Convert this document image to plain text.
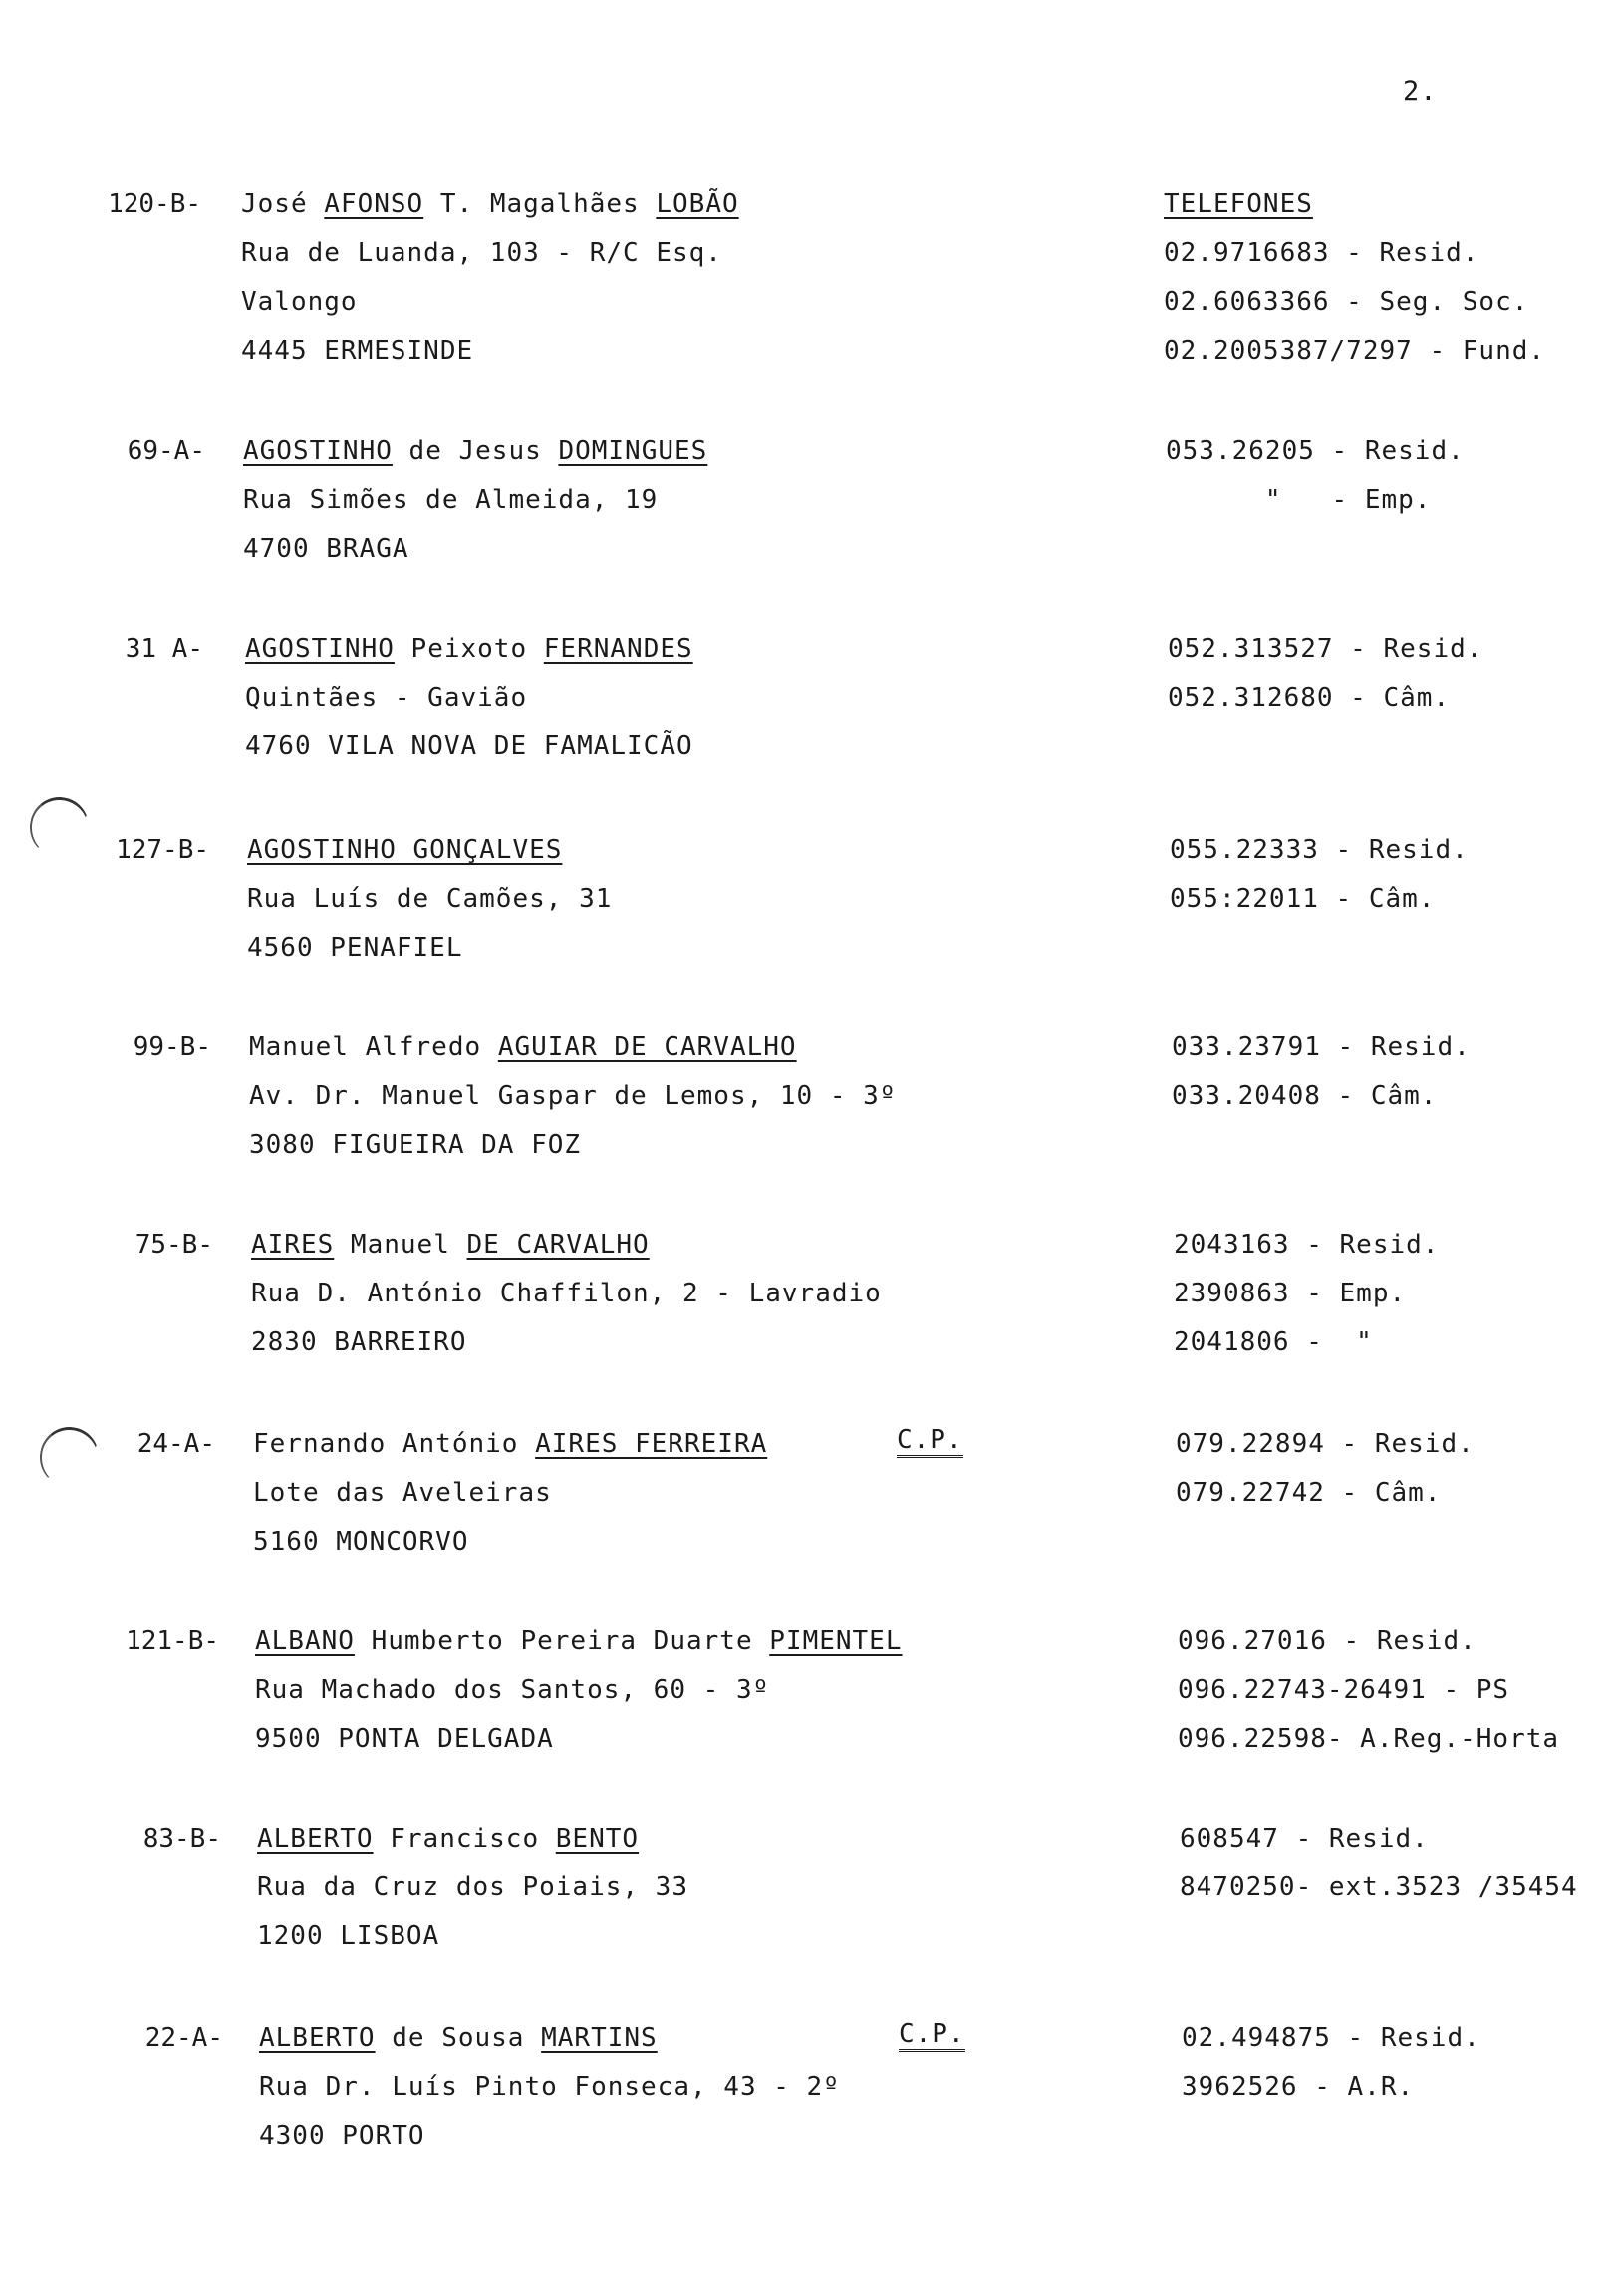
2.
TELEFONES
120-B- José AFONSO T. Magalhães LOBÃO
Rua de Luanda, 103 - R/C Esq.
Valongo
4445 ERMESINDE
02.9716683 - Resid.
02.6063366 - Seg. Soc.
02.2005387/7297 - Fund.
69-A- AGOSTINHO de Jesus DOMINGUES
Rua Simões de Almeida, 19
4700 BRAGA
053.26205 - Resid.
"   - Emp.
31 A- AGOSTINHO Peixoto FERNANDES
Quintães - Gavião
4760 VILA NOVA DE FAMALICÃO
052.313527 - Resid.
052.312680 - Câm.
127-B- AGOSTINHO GONÇALVES
Rua Luís de Camões, 31
4560 PENAFIEL
055.22333 - Resid.
055:22011 - Câm.
99-B- Manuel Alfredo AGUIAR DE CARVALHO
Av. Dr. Manuel Gaspar de Lemos, 10 - 3º
3080 FIGUEIRA DA FOZ
033.23791 - Resid.
033.20408 - Câm.
75-B- AIRES Manuel DE CARVALHO
Rua D. António Chaffilon, 2 - Lavradio
2830 BARREIRO
2043163 - Resid.
2390863 - Emp.
2041806 -  "
24-A- Fernando António AIRES FERREIRA
Lote das Aveleiras
5160 MONCORVO
C.P.	079.22894 - Resid.
079.22742 - Câm.
121-B- ALBANO Humberto Pereira Duarte PIMENTEL
Rua Machado dos Santos, 60 - 3º
9500 PONTA DELGADA
096.27016 - Resid.
096.22743-26491 - PS
096.22598- A.Reg.-Horta
83-B- ALBERTO Francisco BENTO
Rua da Cruz dos Poiais, 33
1200 LISBOA
608547 - Resid.
8470250- ext.3523 /35454
22-A- ALBERTO de Sousa MARTINS
Rua Dr. Luís Pinto Fonseca, 43 - 2º
4300 PORTO
C.P.	02.494875 - Resid.
3962526 - A.R.
